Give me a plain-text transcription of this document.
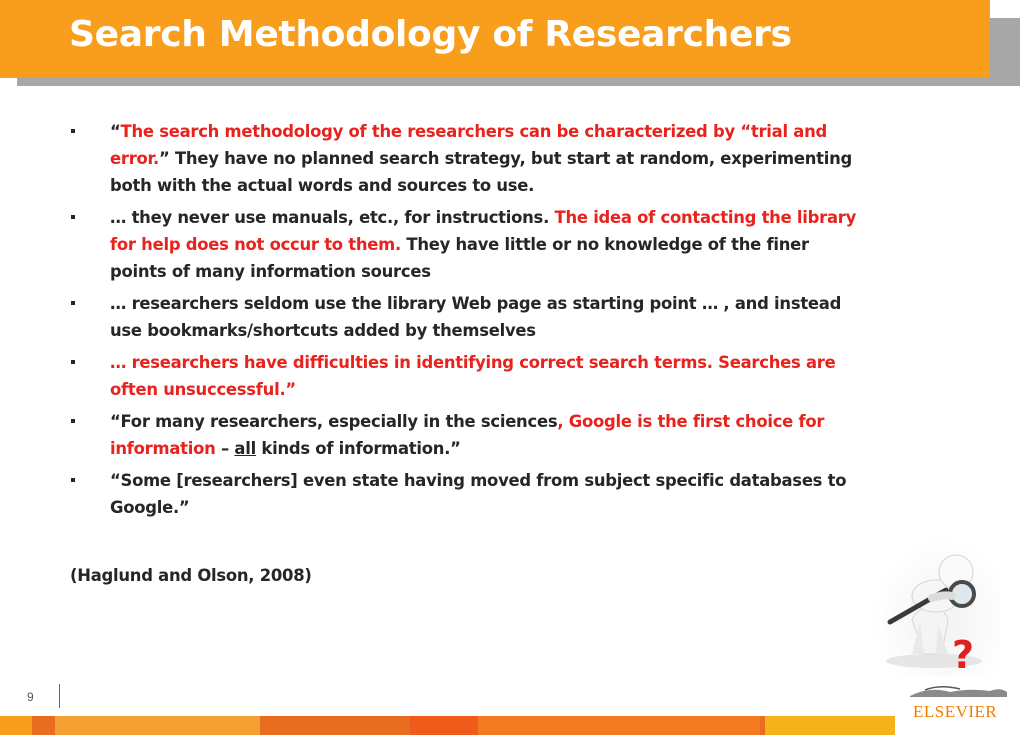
Search Methodology of Researchers
“The search methodology of the researchers can be characterized by “trial and error.” They have no planned search strategy, but start at random, experimenting both with the actual words and sources to use.
… they never use manuals, etc., for instructions. The idea of contacting the library for help does not occur to them. They have little or no knowledge of the finer points of many information sources
… researchers seldom use the library Web page as starting point … , and instead use bookmarks/shortcuts added by themselves
… researchers have difficulties in identifying correct search terms. Searches are often unsuccessful.”
“For many researchers, especially in the sciences, Google is the first choice for information – all kinds of information.”
“Some [researchers] even state having moved from subject specific databases to Google.”
(Haglund and Olson, 2008)
9
?
ELSEVIER
